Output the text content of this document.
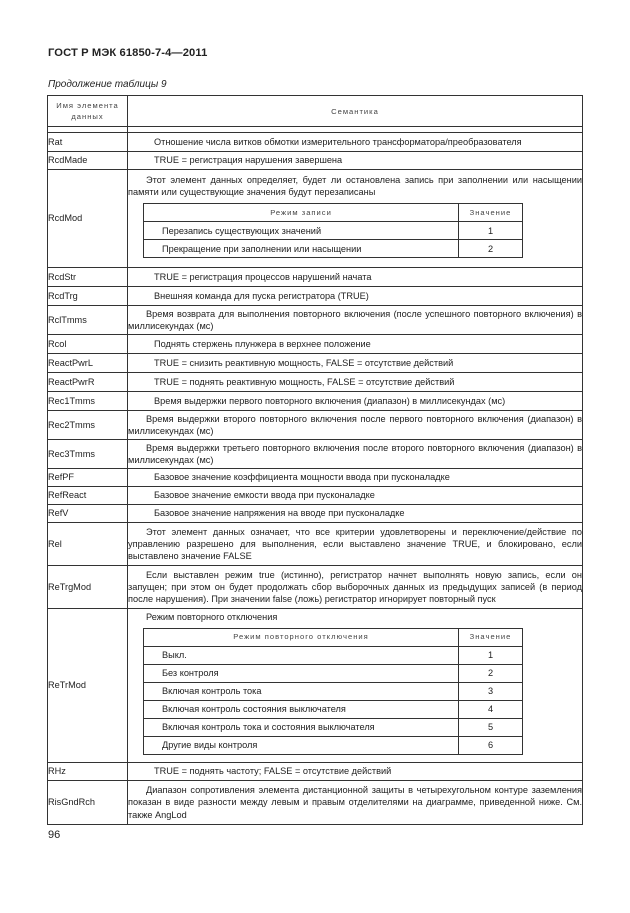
ГОСТ Р МЭК 61850-7-4—2011
Продолжение таблицы 9
Имя элемента данных	Семантика

Rat	Отношение числа витков обмотки измерительного трансформатора/преобразователя
RcdMade	TRUE = регистрация нарушения завершена
RcdMod	
Этот элемент данных определяет, будет ли остановлена запись при заполнении или насыщении памяти или существующие значения будут перезаписаны
Режим записи	Значение
Перезапись существующих значений	1
Прекращение при заполнении или насыщении	2

RcdStr	TRUE = регистрация процессов нарушений начата
RcdTrg	Внешняя команда для пуска регистратора (TRUE)
RclTmms	Время возврата для выполнения повторного включения (после успешного повторного включения) в миллисекундах (мс)
Rcol	Поднять стержень плунжера в верхнее положение
ReactPwrL	TRUE = снизить реактивную мощность, FALSE = отсутствие действий
ReactPwrR	TRUE = поднять реактивную мощность, FALSE = отсутствие действий
Rec1Tmms	Время выдержки первого повторного включения (диапазон) в миллисекундах (мс)
Rec2Tmms	Время выдержки второго повторного включения после первого повторного включения (диапазон) в миллисекундах (мс)
Rec3Tmms	Время выдержки третьего повторного включения после второго повторного включения (диапазон) в миллисекундах (мс)
RefPF	Базовое значение коэффициента мощности ввода при пусконаладке
RefReact	Базовое значение емкости ввода при пусконаладке
RefV	Базовое значение напряжения на вводе при пусконаладке
Rel	Этот элемент данных означает, что все критерии удовлетворены и переключение/действие по управлению разрешено для выполнения, если выставлено значение TRUE, и блокировано, если выставлено значение FALSE
ReTrgMod	Если выставлен режим true (истинно), регистратор начнет выполнять новую запись, если он запущен; при этом он будет продолжать сбор выборочных данных из предыдущих записей (в период после нарушения). При значении false (ложь) регистратор игнорирует повторный пуск
ReTrMod	
Режим повторного отключения
Режим повторного отключения	Значение
Выкл.	1
Без контроля	2
Включая контроль тока	3
Включая контроль состояния выключателя	4
Включая контроль тока и состояния выключателя	5
Другие виды контроля	6

RHz	TRUE = поднять частоту; FALSE = отсутствие действий
RisGndRch	Диапазон сопротивления элемента дистанционной защиты в четырехугольном контуре заземления показан в виде разности между левым и правым отделителями на диаграмме, приведенной ниже. См. также AngLod
96
